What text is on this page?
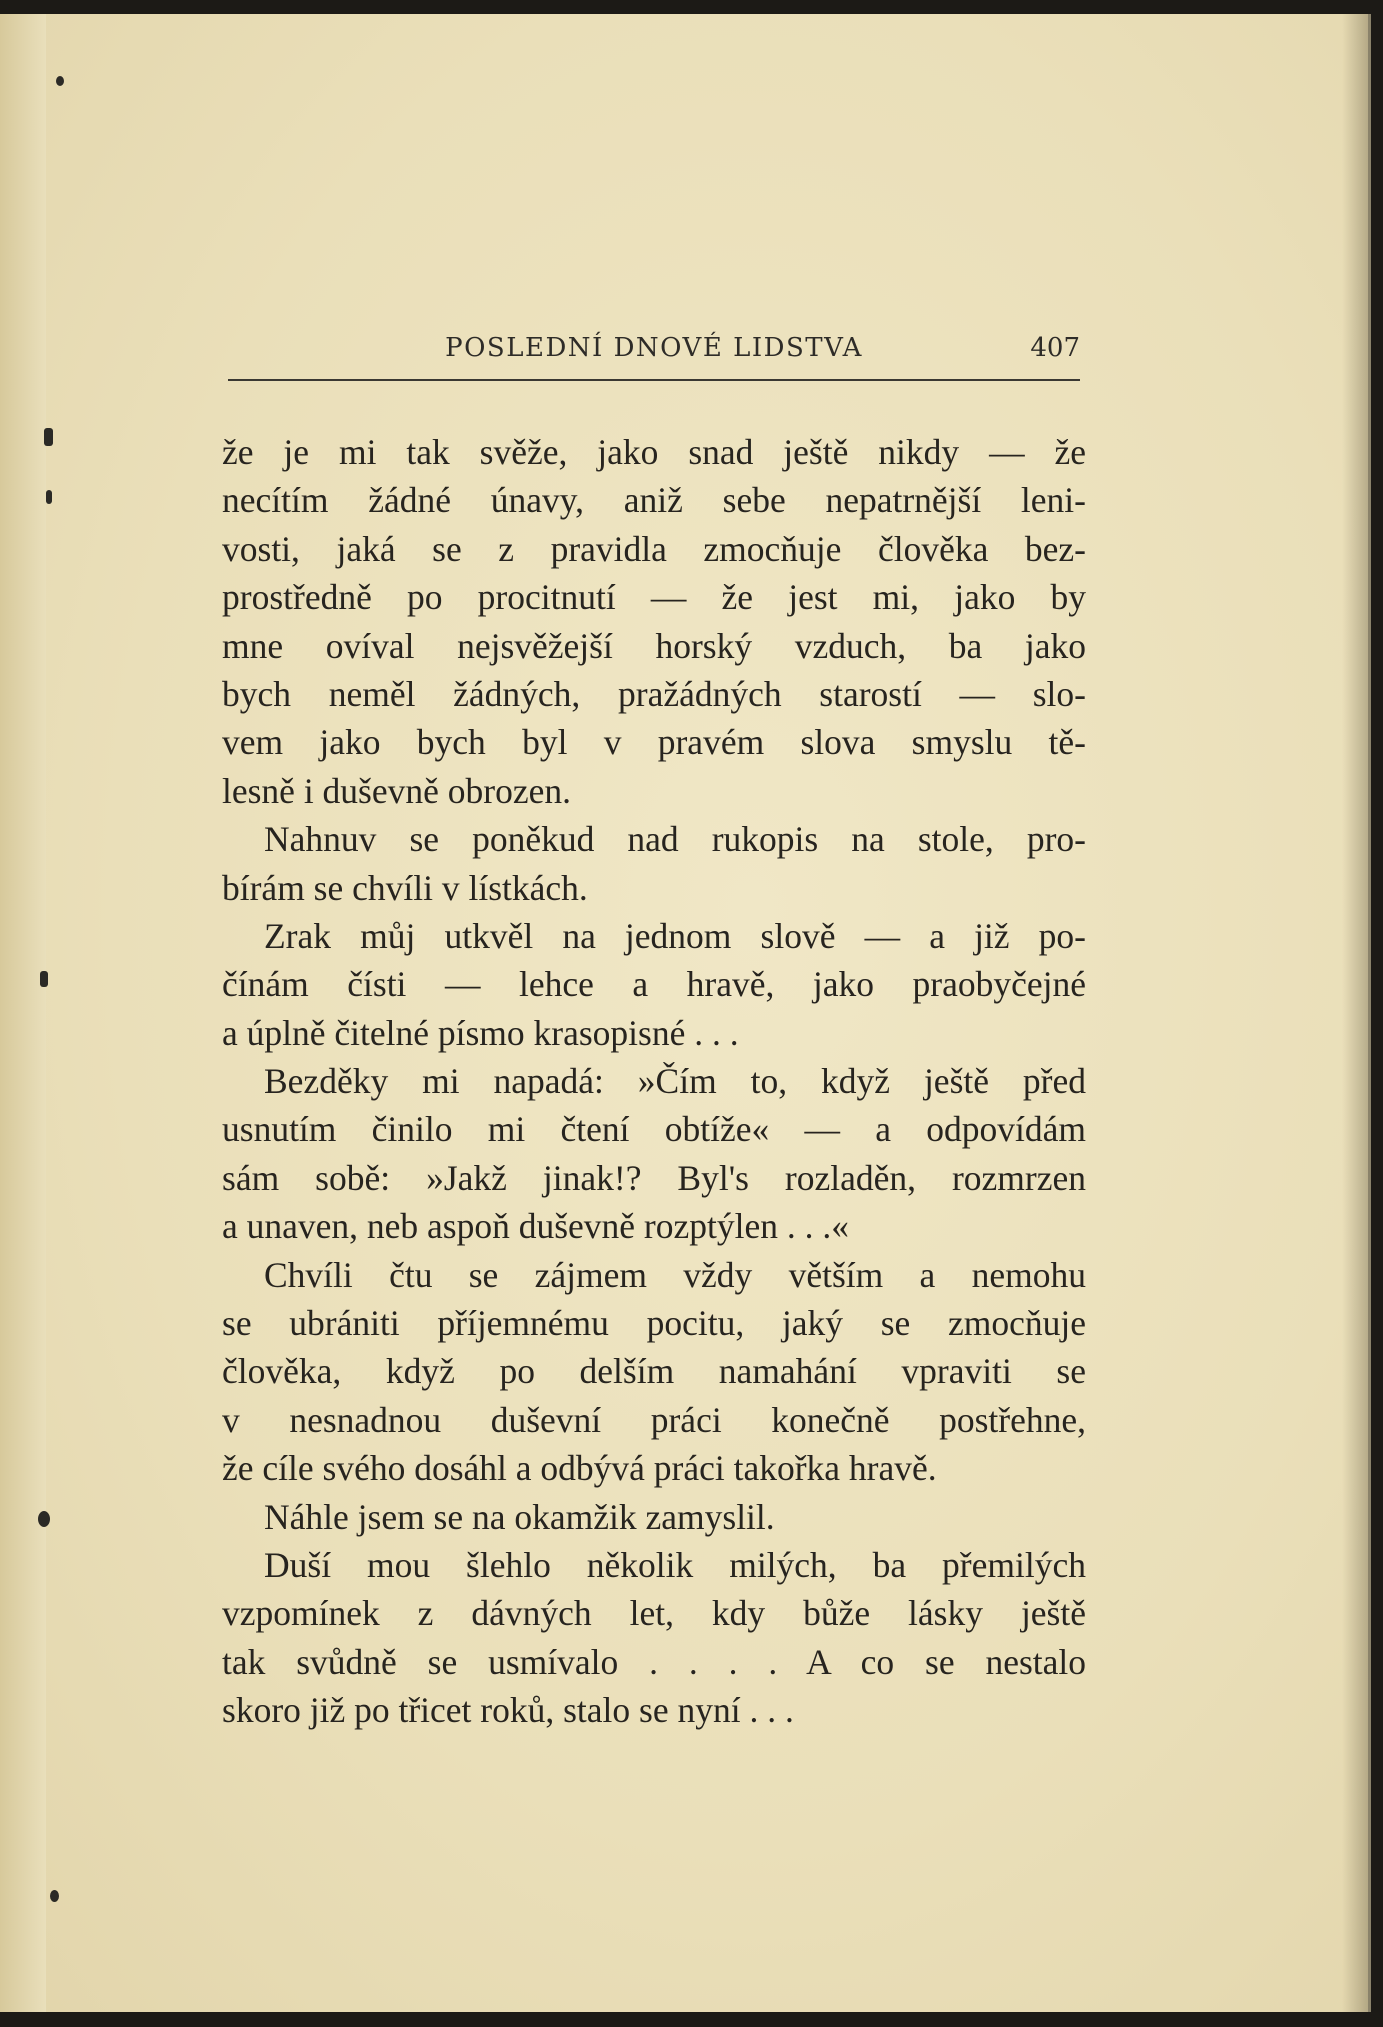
POSLEDNÍ DNOVÉ LIDSTVA	407
že je mi tak svěže, jako snad ještě nikdy — že
necítím žádné únavy, aniž sebe nepatrnější leni-
vosti, jaká se z pravidla zmocňuje člověka bez-
prostředně po procitnutí — že jest mi, jako by
mne ovíval nejsvěžejší horský vzduch, ba jako
bych neměl žádných, pražádných starostí — slo-
vem jako bych byl v pravém slova smyslu tě-
lesně i duševně obrozen.
Nahnuv se poněkud nad rukopis na stole, pro-
bírám se chvíli v lístkách.
Zrak můj utkvěl na jednom slově — a již po-
čínám čísti — lehce a hravě, jako praobyčejné
a úplně čitelné písmo krasopisné . . .
Bezděky mi napadá: »Čím to, když ještě před
usnutím činilo mi čtení obtíže« — a odpovídám
sám sobě: »Jakž jinak!? Byl's rozladěn, rozmrzen
a unaven, neb aspoň duševně rozptýlen . . .«
Chvíli čtu se zájmem vždy větším a nemohu
se ubrániti příjemnému pocitu, jaký se zmocňuje
člověka, když po delším namahání vpraviti se
v nesnadnou duševní práci konečně postřehne,
že cíle svého dosáhl a odbývá práci takořka hravě.
Náhle jsem se na okamžik zamyslil.
Duší mou šlehlo několik milých, ba přemilých
vzpomínek z dávných let, kdy bůže lásky ještě
tak svůdně se usmívalo . . . . A co se nestalo
skoro již po třicet roků, stalo se nyní . . .
